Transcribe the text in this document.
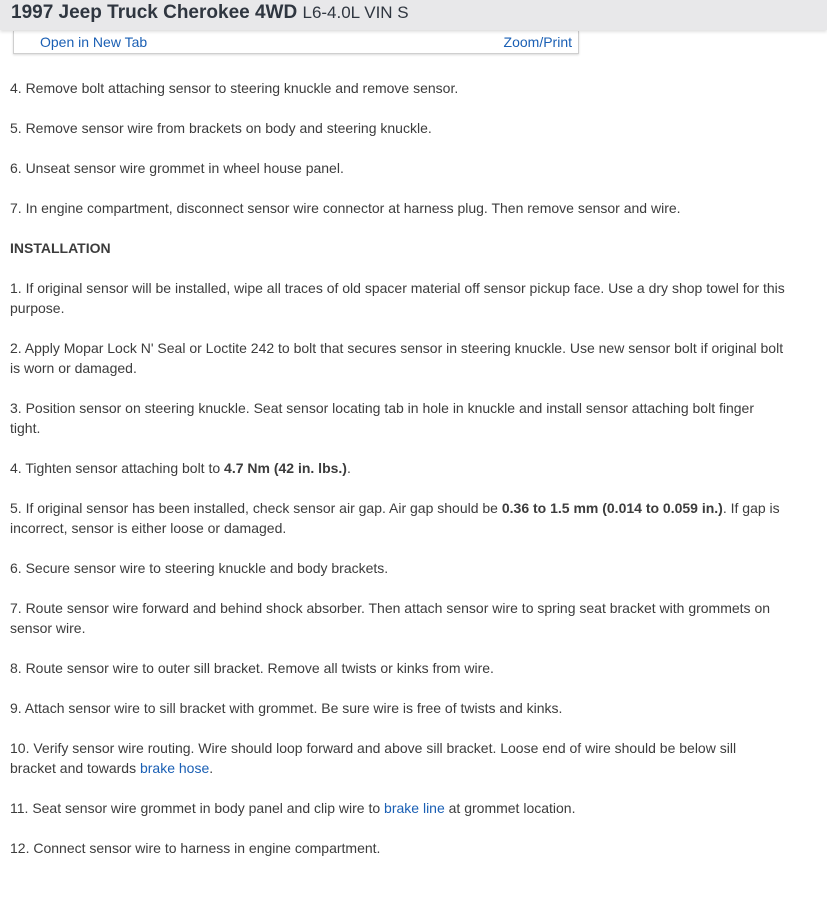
Open in New Tab	Zoom/Print
1997 Jeep Truck Cherokee 4WD L6-4.0L VIN S

4. Remove bolt attaching sensor to steering knuckle and remove sensor.

5. Remove sensor wire from brackets on body and steering knuckle.

6. Unseat sensor wire grommet in wheel house panel.

7. In engine compartment, disconnect sensor wire connector at harness plug. Then remove sensor and wire.

INSTALLATION

1. If original sensor will be installed, wipe all traces of old spacer material off sensor pickup face. Use a dry shop towel for this purpose.

2. Apply Mopar Lock N' Seal or Loctite 242 to bolt that secures sensor in steering knuckle. Use new sensor bolt if original bolt is worn or damaged.

3. Position sensor on steering knuckle. Seat sensor locating tab in hole in knuckle and install sensor attaching bolt finger tight.

4. Tighten sensor attaching bolt to 4.7 Nm (42 in. lbs.).

5. If original sensor has been installed, check sensor air gap. Air gap should be 0.36 to 1.5 mm (0.014 to 0.059 in.). If gap is incorrect, sensor is either loose or damaged.

6. Secure sensor wire to steering knuckle and body brackets.

7. Route sensor wire forward and behind shock absorber. Then attach sensor wire to spring seat bracket with grommets on sensor wire.

8. Route sensor wire to outer sill bracket. Remove all twists or kinks from wire.

9. Attach sensor wire to sill bracket with grommet. Be sure wire is free of twists and kinks.

10. Verify sensor wire routing. Wire should loop forward and above sill bracket. Loose end of wire should be below sill bracket and towards brake hose.

11. Seat sensor wire grommet in body panel and clip wire to brake line at grommet location.

12. Connect sensor wire to harness in engine compartment.
